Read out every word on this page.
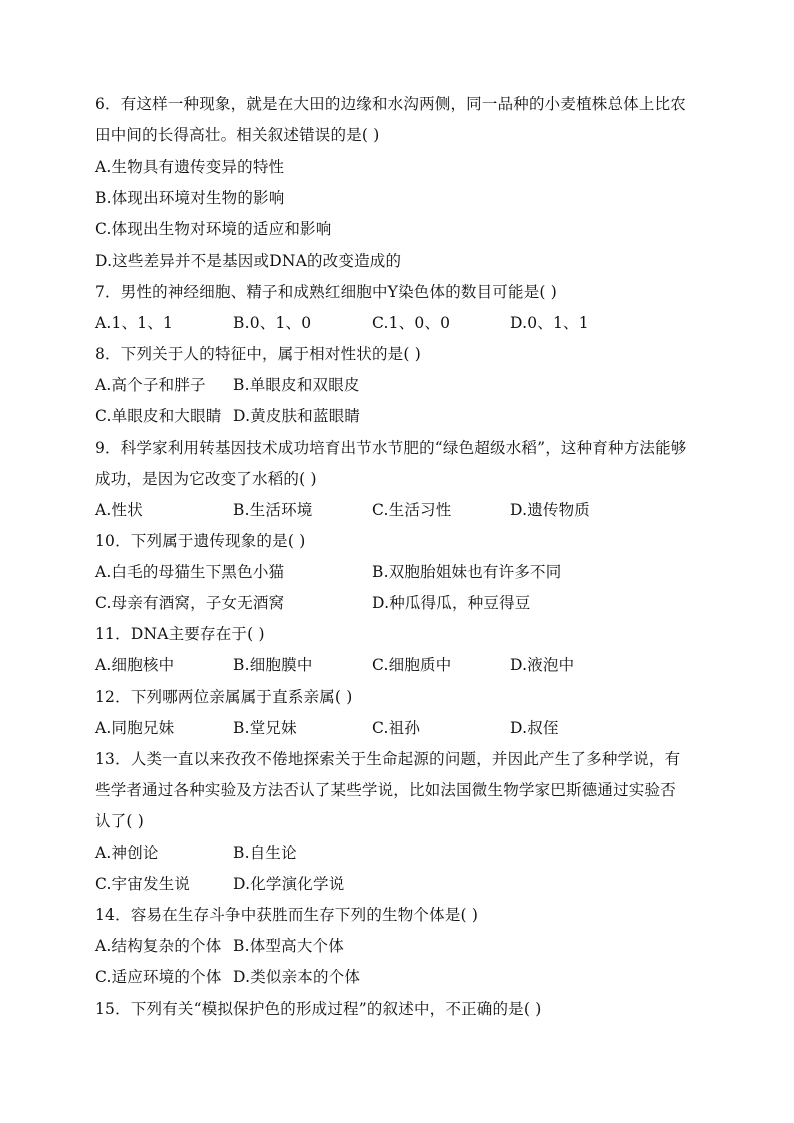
6．有这样一种现象，就是在大田的边缘和水沟两侧，同一品种的小麦植株总体上比农
田中间的长得高壮。相关叙述错误的是( )
A.生物具有遗传变异的特性
B.体现出环境对生物的影响
C.体现出生物对环境的适应和影响
D.这些差异并不是基因或DNA的改变造成的
7．男性的神经细胞、精子和成熟红细胞中Y染色体的数目可能是( )
A.1、1、1	B.0、1、0	C.1、0、0	D.0、1、1
8．下列关于人的特征中，属于相对性状的是( )
A.高个子和胖子 B.单眼皮和双眼皮
C.单眼皮和大眼睛 D.黄皮肤和蓝眼睛
9．科学家利用转基因技术成功培育出节水节肥的“绿色超级水稻”，这种育种方法能够
成功，是因为它改变了水稻的( )
A.性状	B.生活环境	C.生活习性	D.遗传物质
10．下列属于遗传现象的是( )
A.白毛的母猫生下黑色小猫	B.双胞胎姐妹也有许多不同
C.母亲有酒窝，子女无酒窝	D.种瓜得瓜，种豆得豆
11．DNA主要存在于( )
A.细胞核中	B.细胞膜中	C.细胞质中	D.液泡中
12．下列哪两位亲属属于直系亲属( )
A.同胞兄妹	B.堂兄妹	C.祖孙	D.叔侄
13．人类一直以来孜孜不倦地探索关于生命起源的问题，并因此产生了多种学说，有
些学者通过各种实验及方法否认了某些学说，比如法国微生物学家巴斯德通过实验否
认了( )
A.神创论	B.自生论
C.宇宙发生说	D.化学演化学说
14．容易在生存斗争中获胜而生存下列的生物个体是( )
A.结构复杂的个体 B.体型高大个体
C.适应环境的个体 D.类似亲本的个体
15．下列有关“模拟保护色的形成过程”的叙述中，不正确的是( )
